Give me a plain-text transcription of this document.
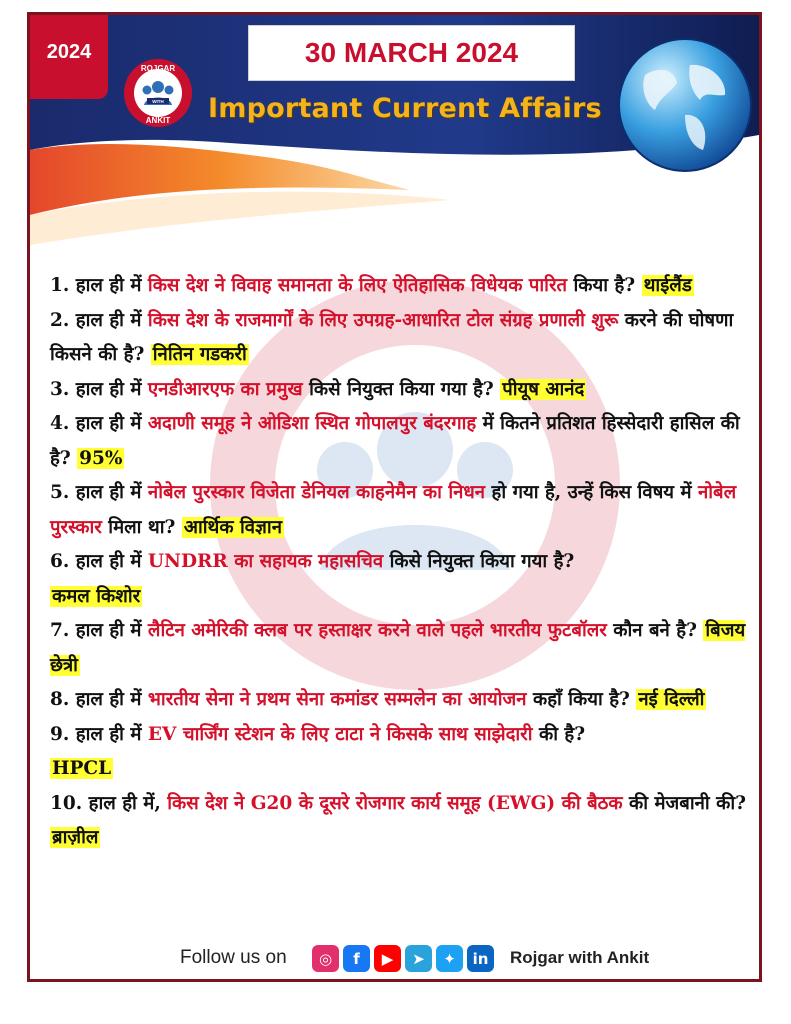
2024
ROJGAR
WITH
ANKIT
30 MARCH 2024
Important Current Affairs

1. हाल ही में किस देश ने विवाह समानता के लिए ऐतिहासिक विधेयक पारित किया है? थाईलैंड

2. हाल ही में किस देश के राजमार्गों के लिए उपग्रह-आधारित टोल संग्रह प्रणाली शुरू करने की घोषणा किसने की है? नितिन गडकरी

3. हाल ही में एनडीआरएफ का प्रमुख किसे नियुक्त किया गया है? पीयूष आनंद

4. हाल ही में अदाणी समूह ने ओडिशा स्थित गोपालपुर बंदरगाह में कितने प्रतिशत हिस्सेदारी हासिल की है? 95%

5. हाल ही में नोबेल पुरस्कार विजेता डेनियल काहनेमैन का निधन हो गया है, उन्हें किस विषय में नोबेल पुरस्कार मिला था? आर्थिक विज्ञान

6. हाल ही में UNDRR का सहायक महासचिव किसे नियुक्त किया गया है?
कमल किशोर

7. हाल ही में लैटिन अमेरिकी क्लब पर हस्ताक्षर करने वाले पहले भारतीय फुटबॉलर कौन बने है? बिजय छेत्री

8. हाल ही में भारतीय सेना ने प्रथम सेना कमांडर सम्मलेन का आयोजन कहाँ किया है? नई दिल्ली

9. हाल ही में EV चार्जिंग स्टेशन के लिए टाटा ने किसके साथ साझेदारी की है?
HPCL

10. हाल ही में, किस देश ने G20 के दूसरे रोजगार कार्य समूह (EWG) की बैठक की मेजबानी की? ब्राज़ील

Follow us on	◎	f	▶	➤	✦	in	Rojgar with Ankit
